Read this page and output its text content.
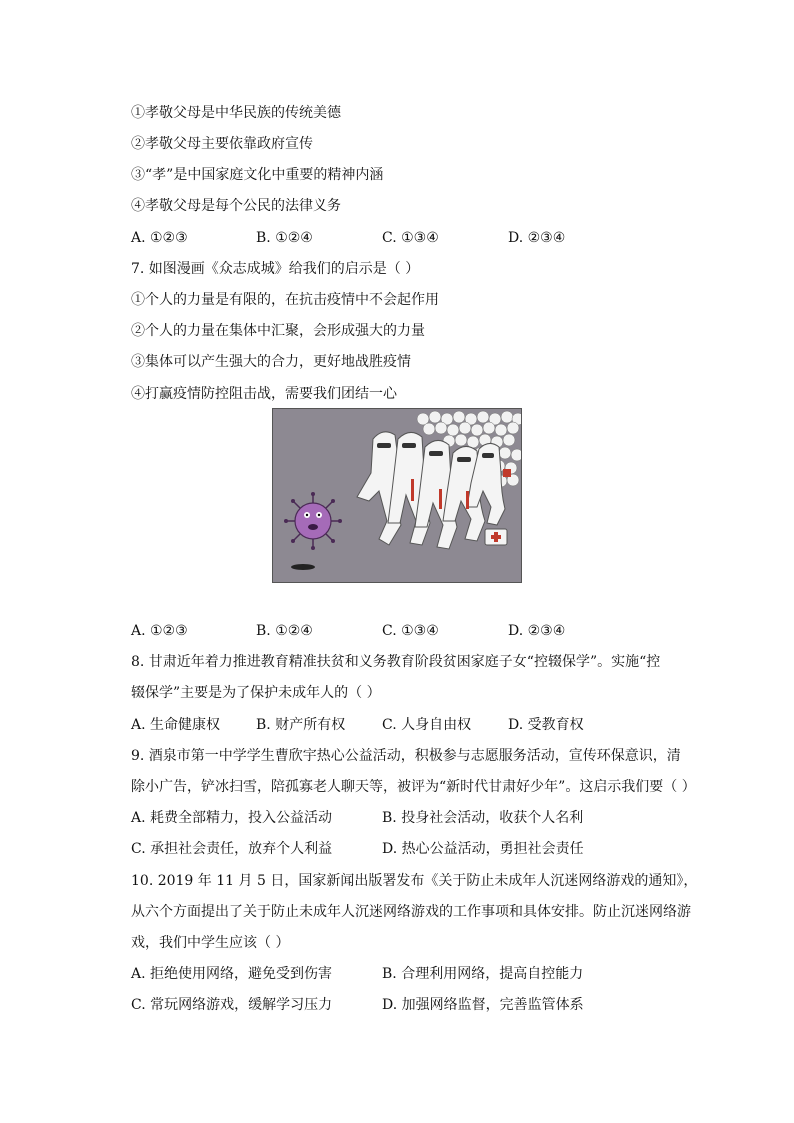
①孝敬父母是中华民族的传统美德
②孝敬父母主要依靠政府宣传
③“孝”是中国家庭文化中重要的精神内涵
④孝敬父母是每个公民的法律义务
A. ①②③	B. ①②④	C. ①③④	D. ②③④
7. 如图漫画《众志成城》给我们的启示是（ ）
①个人的力量是有限的，在抗击疫情中不会起作用
②个人的力量在集体中汇聚，会形成强大的力量
③集体可以产生强大的合力，更好地战胜疫情
④打赢疫情防控阻击战，需要我们团结一心
A. ①②③	B. ①②④	C. ①③④	D. ②③④
8. 甘肃近年着力推进教育精准扶贫和义务教育阶段贫困家庭子女“控辍保学”。实施“控
辍保学”主要是为了保护未成年人的（ ）
A. 生命健康权	B. 财产所有权	C. 人身自由权	D. 受教育权
9. 酒泉市第一中学学生曹欣宇热心公益活动，积极参与志愿服务活动，宣传环保意识，清
除小广告，铲冰扫雪，陪孤寡老人聊天等，被评为“新时代甘肃好少年”。这启示我们要（ ）
A. 耗费全部精力，投入公益活动	B. 投身社会活动，收获个人名利
C. 承担社会责任，放弃个人利益	D. 热心公益活动，勇担社会责任
10. 2019 年 11 月 5 日，国家新闻出版署发布《关于防止未成年人沉迷网络游戏的通知》，
从六个方面提出了关于防止未成年人沉迷网络游戏的工作事项和具体安排。防止沉迷网络游
戏，我们中学生应该（ ）
A. 拒绝使用网络，避免受到伤害	B. 合理利用网络，提高自控能力
C. 常玩网络游戏，缓解学习压力	D. 加强网络监督，完善监管体系
